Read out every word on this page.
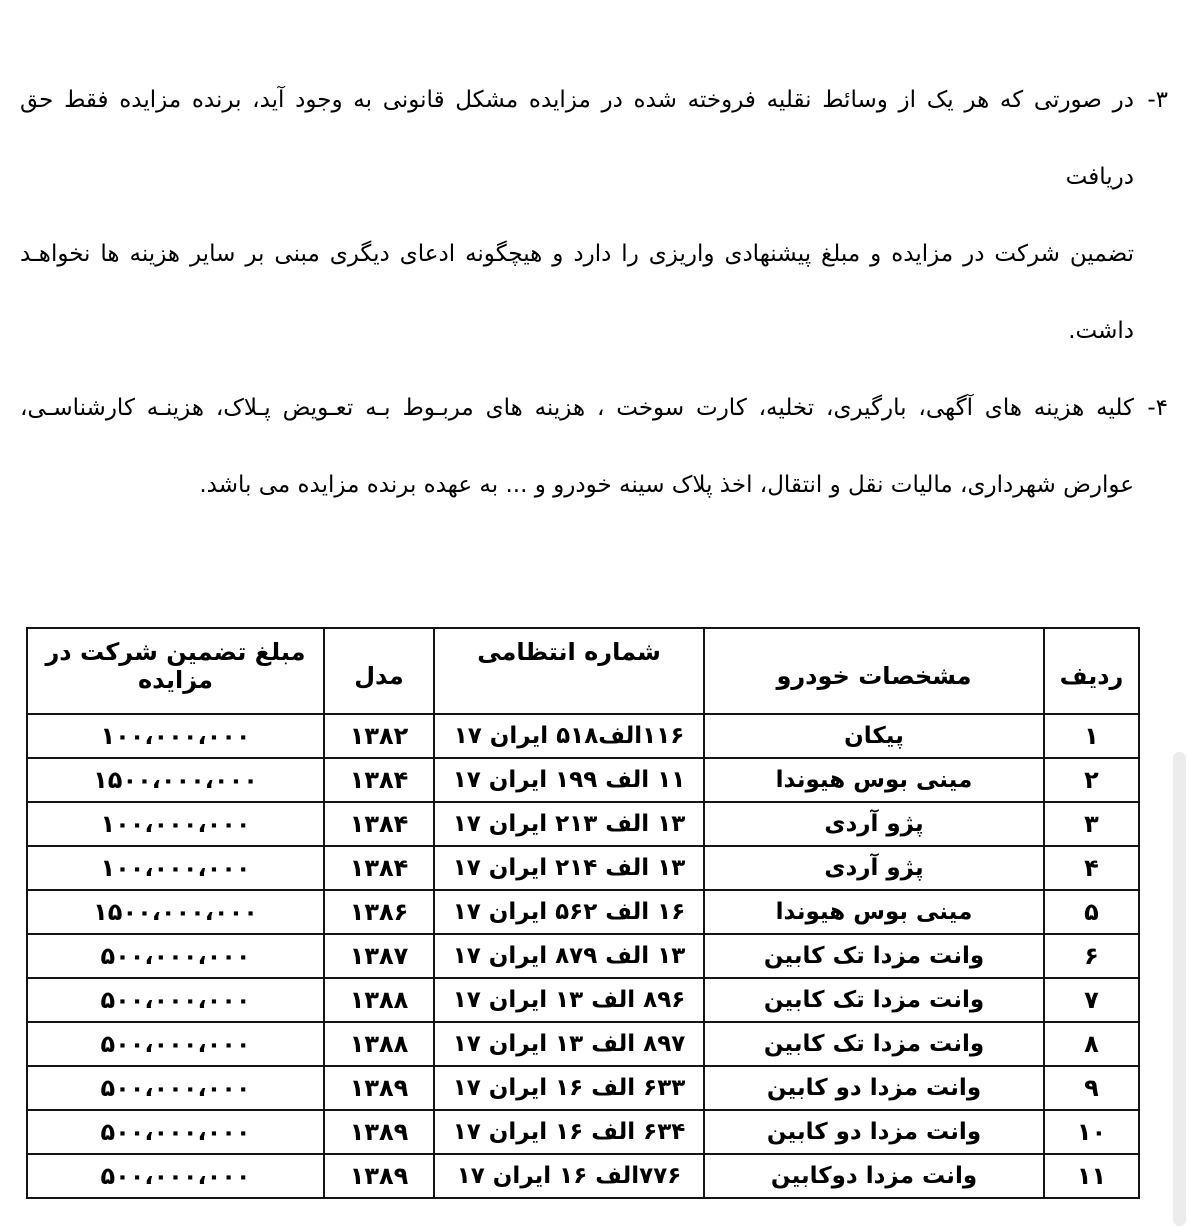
۳-
در صورتی که هر یک از وسائط نقلیه فروخته شده در مزایده مشکل قانونی به وجود آید، برنده مزایده فقط حق دریافت
تضمین شرکت در مزایده و مبلغ پیشنهادی واریزی را دارد و هیچگونه ادعای دیگری مبنی بر سایر هزینه ها نخواهـد
داشت.
۴-
کلیه هزینه های آگهی، بارگیری، تخلیه، کارت سوخت ، هزینه های مربـوط بـه تعـویض پـلاک، هزینـه کارشناسـی،
عوارض شهرداری، مالیات نقل و انتقال، اخذ پلاک سینه خودرو و ... به عهده برنده مزایده می باشد.
ردیف	مشخصات خودرو	شماره انتظامی	مدل	مبلغ تضمین شرکت در مزایده
۱	پیکان	۱۱۶الف۵۱۸ ایران ۱۷	۱۳۸۲	۱۰۰،۰۰۰،۰۰۰
۲	مینی بوس هیوندا	۱۱ الف ۱۹۹ ایران ۱۷	۱۳۸۴	۱۵۰۰،۰۰۰،۰۰۰
۳	پژو آردی	۱۳ الف ۲۱۳ ایران ۱۷	۱۳۸۴	۱۰۰،۰۰۰،۰۰۰
۴	پژو آردی	۱۳ الف ۲۱۴ ایران ۱۷	۱۳۸۴	۱۰۰،۰۰۰،۰۰۰
۵	مینی بوس هیوندا	۱۶ الف ۵۶۲ ایران ۱۷	۱۳۸۶	۱۵۰۰،۰۰۰،۰۰۰
۶	وانت مزدا تک کابین	۱۳ الف ۸۷۹ ایران ۱۷	۱۳۸۷	۵۰۰،۰۰۰،۰۰۰
۷	وانت مزدا تک کابین	۸۹۶ الف ۱۳ ایران ۱۷	۱۳۸۸	۵۰۰،۰۰۰،۰۰۰
۸	وانت مزدا تک کابین	۸۹۷ الف ۱۳ ایران ۱۷	۱۳۸۸	۵۰۰،۰۰۰،۰۰۰
۹	وانت مزدا دو کابین	۶۳۳ الف ۱۶ ایران ۱۷	۱۳۸۹	۵۰۰،۰۰۰،۰۰۰
۱۰	وانت مزدا دو کابین	۶۳۴ الف ۱۶ ایران ۱۷	۱۳۸۹	۵۰۰،۰۰۰،۰۰۰
۱۱	وانت مزدا دوکابین	۷۷۶الف ۱۶ ایران ۱۷	۱۳۸۹	۵۰۰،۰۰۰،۰۰۰
